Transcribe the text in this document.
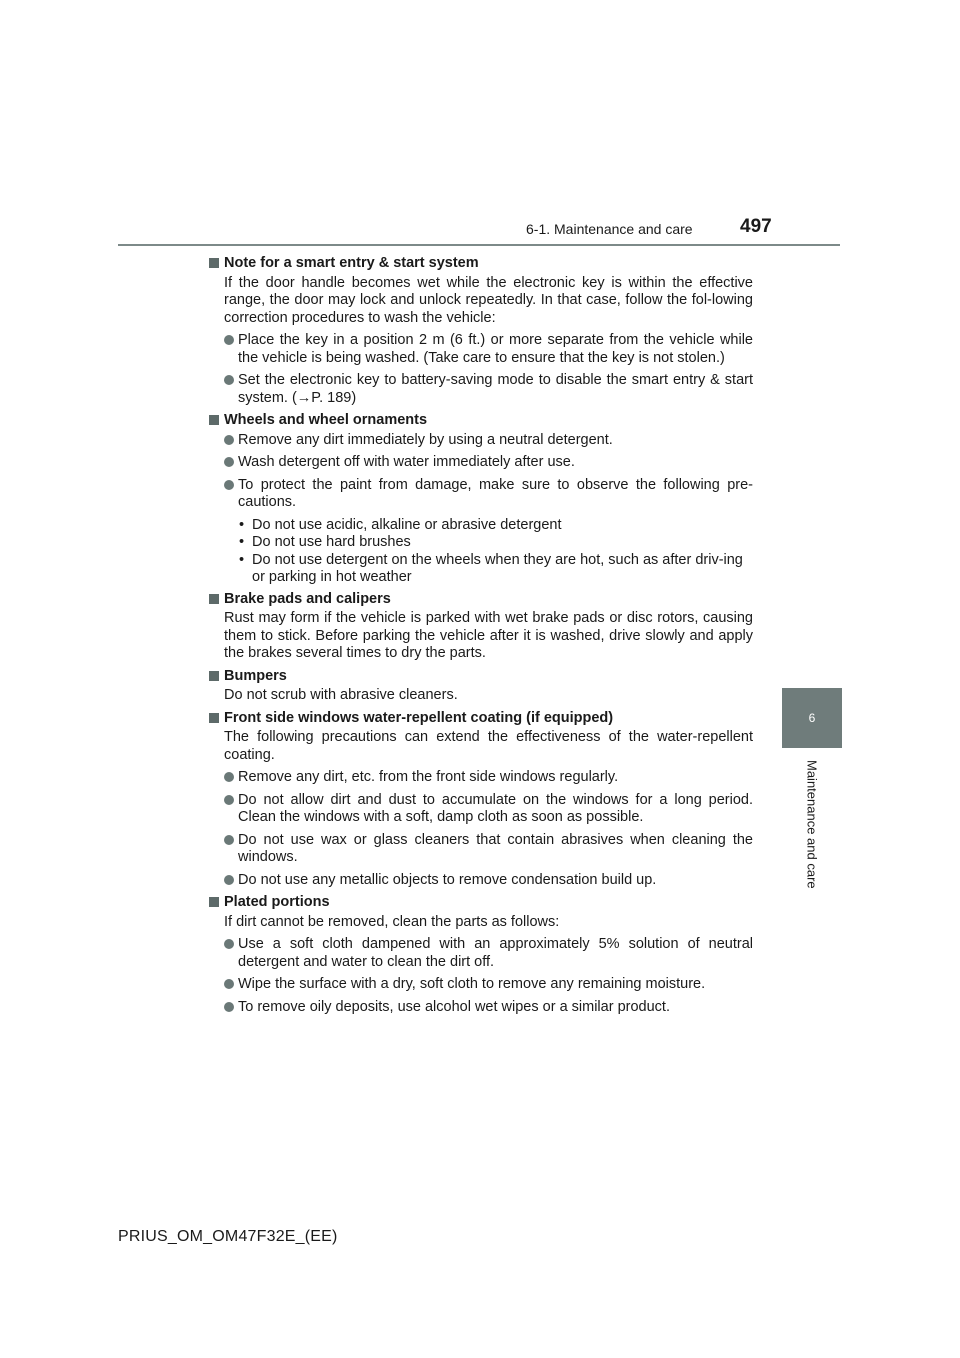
6-1. Maintenance and care 497
6
Maintenance and care
Note for a smart entry & start system
If the door handle becomes wet while the electronic key is within the effective range, the door may lock and unlock repeatedly. In that case, follow the fol-lowing correction procedures to wash the vehicle:
Place the key in a position 2 m (6 ft.) or more separate from the vehicle while the vehicle is being washed. (Take care to ensure that the key is not stolen.)
Set the electronic key to battery-saving mode to disable the smart entry & start system. (→P. 189)
Wheels and wheel ornaments
Remove any dirt immediately by using a neutral detergent.
Wash detergent off with water immediately after use.
To protect the paint from damage, make sure to observe the following pre-cautions.
• Do not use acidic, alkaline or abrasive detergent
• Do not use hard brushes
• Do not use detergent on the wheels when they are hot, such as after driv-ing or parking in hot weather
Brake pads and calipers
Rust may form if the vehicle is parked with wet brake pads or disc rotors, causing them to stick. Before parking the vehicle after it is washed, drive slowly and apply the brakes several times to dry the parts.
Bumpers
Do not scrub with abrasive cleaners.
Front side windows water-repellent coating (if equipped)
The following precautions can extend the effectiveness of the water-repellent coating.
Remove any dirt, etc. from the front side windows regularly.
Do not allow dirt and dust to accumulate on the windows for a long period. Clean the windows with a soft, damp cloth as soon as possible.
Do not use wax or glass cleaners that contain abrasives when cleaning the windows.
Do not use any metallic objects to remove condensation build up.
Plated portions
If dirt cannot be removed, clean the parts as follows:
Use a soft cloth dampened with an approximately 5% solution of neutral detergent and water to clean the dirt off.
Wipe the surface with a dry, soft cloth to remove any remaining moisture.
To remove oily deposits, use alcohol wet wipes or a similar product.
PRIUS_OM_OM47F32E_(EE)
